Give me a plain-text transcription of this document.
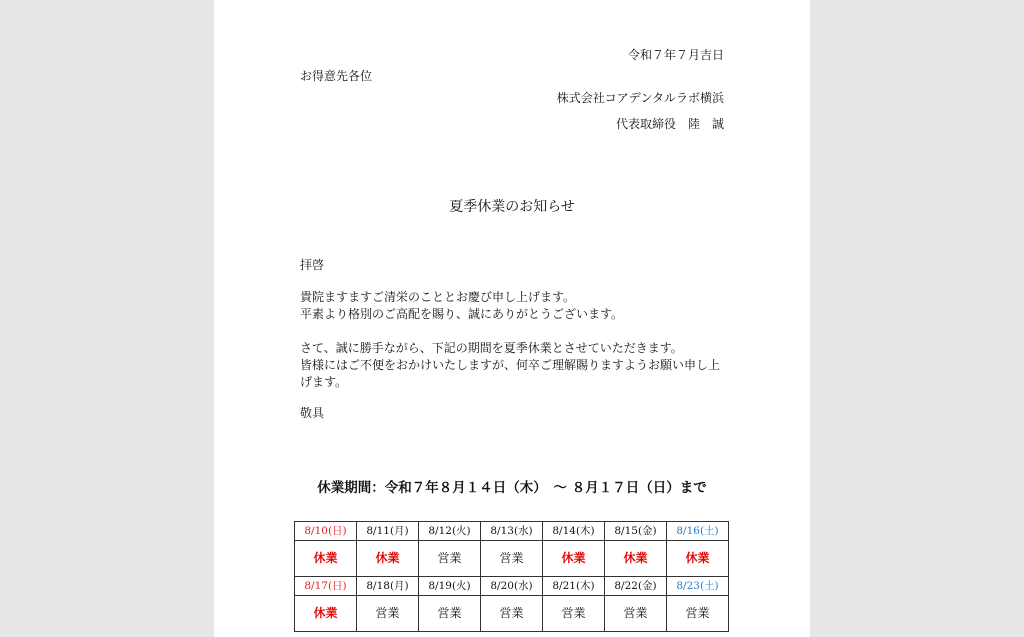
令和７年７月吉日
お得意先各位
株式会社コアデンタルラボ横浜
代表取締役　陸　誠
夏季休業のお知らせ
拝啓

貴院ますますご清栄のこととお慶び申し上げます。

平素より格別のご高配を賜り、誠にありがとうございます。

さて、誠に勝手ながら、下記の期間を夏季休業とさせていただきます。

皆様にはご不便をおかけいたしますが、何卒ご理解賜りますようお願い申し上げます。

敬具
休業期間：令和７年８月１４日（木）　～ ８月１７日（日）まで
8/10(日)	8/11(月)	8/12(火)	8/13(水)	8/14(木)	8/15(金)	8/16(土)
休業	休業	営業	営業	休業	休業	休業
8/17(日)	8/18(月)	8/19(火)	8/20(水)	8/21(木)	8/22(金)	8/23(土)
休業	営業	営業	営業	営業	営業	営業
